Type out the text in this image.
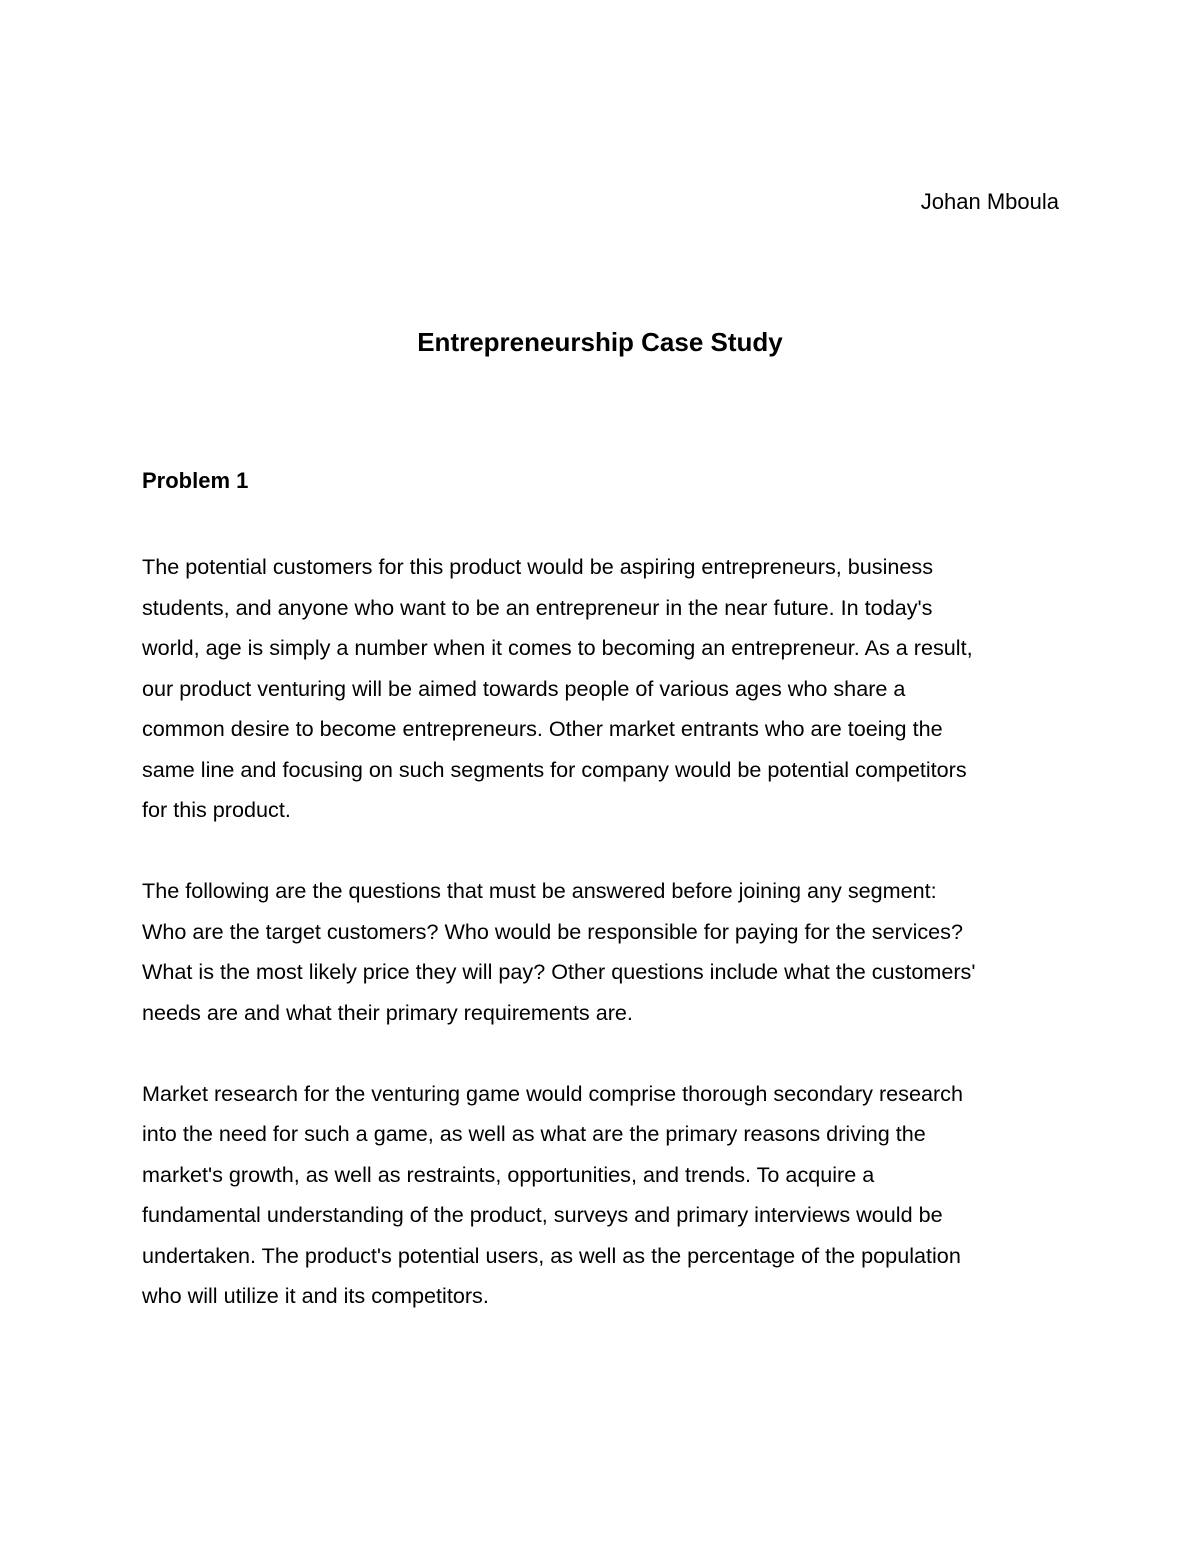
Johan Mboula

Entrepreneurship Case Study
Problem 1

The potential customers for this product would be aspiring entrepreneurs, business
students, and anyone who want to be an entrepreneur in the near future. In today's
world, age is simply a number when it comes to becoming an entrepreneur. As a result,
our product venturing will be aimed towards people of various ages who share a
common desire to become entrepreneurs. Other market entrants who are toeing the
same line and focusing on such segments for company would be potential competitors
for this product.

The following are the questions that must be answered before joining any segment:
Who are the target customers? Who would be responsible for paying for the services?
What is the most likely price they will pay? Other questions include what the customers'
needs are and what their primary requirements are.

Market research for the venturing game would comprise thorough secondary research
into the need for such a game, as well as what are the primary reasons driving the
market's growth, as well as restraints, opportunities, and trends. To acquire a
fundamental understanding of the product, surveys and primary interviews would be
undertaken. The product's potential users, as well as the percentage of the population
who will utilize it and its competitors.
